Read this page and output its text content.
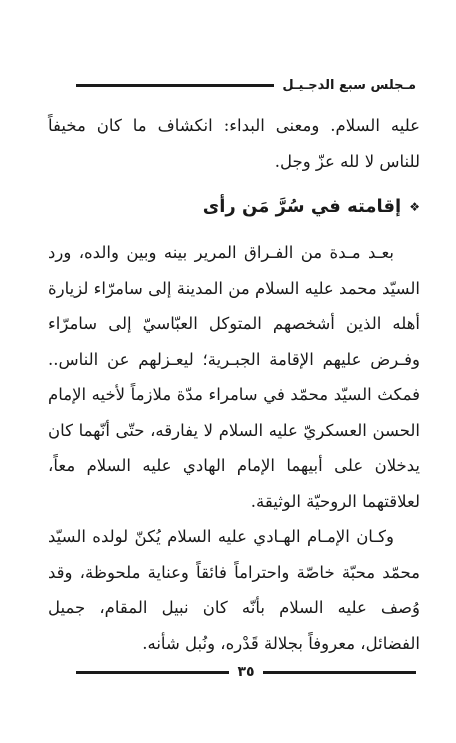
مـجلس سبع الدجـيـل

عليه السلام. ومعنى البداء: انكشاف ما كان مخيفاً للناس لا لله عزّ وجل.

❖
إقامته في سُرَّ مَن رأى

بعـد مـدة من الفـراق المرير بينه وبين والده، ورد السيّد محمد عليه السلام من المدينة إلى سامرّاء لزيارة أهله الذين أشخصهم المتوكل العبّاسيّ إلى سامرّاء وفـرض عليهم الإقامة الجبـرية؛ ليعـزلهم عن الناس.. فمكث السيّد محمّد في سامراء مدّة ملازماً لأخيه الإمام الحسن العسكريّ عليه السلام لا يفارقه، حتّى أنّهما كان يدخلان على أبيهما الإمام الهادي عليه السلام معاً، لعلاقتهما الروحيّة الوثيقة.

وكـان الإمـام الهـادي عليه السلام يُكنّ لولده السيّد محمّد محبّة خاصّة واحتراماً فائقاً وعناية ملحوظة، وقد وُصف عليه السلام بأنّه كان نبيل المقام، جميل الفضائل، معروفاً بجلالة قَدْره، ونُبل شأنه.

٣٥
